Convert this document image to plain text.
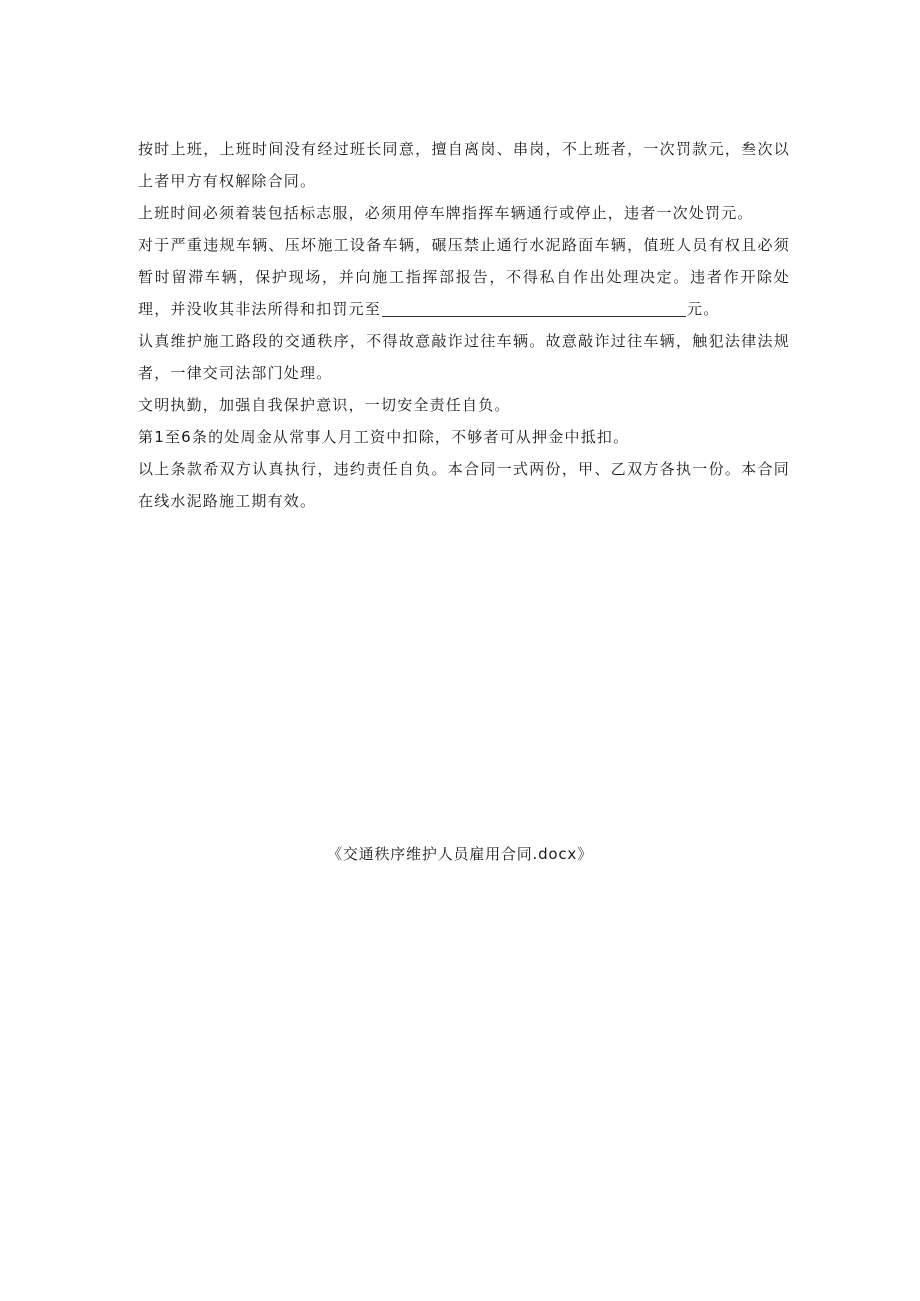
按时上班，上班时间没有经过班长同意，擅自离岗、串岗，不上班者，一次罚款元，叁次以上者甲方有权解除合同。

上班时间必须着装包括标志服，必须用停车牌指挥车辆通行或停止，违者一次处罚元。

对于严重违规车辆、压坏施工设备车辆，碾压禁止通行水泥路面车辆，值班人员有权且必须暂时留滞车辆，保护现场，并向施工指挥部报告，不得私自作出处理决定。违者作开除处理，并没收其非法所得和扣罚元至	元。

认真维护施工路段的交通秩序，不得故意敲诈过往车辆。故意敲诈过往车辆，触犯法律法规者，一律交司法部门处理。

文明执勤，加强自我保护意识，一切安全责任自负。

第1至6条的处周金从常事人月工资中扣除，不够者可从押金中抵扣。

以上条款希双方认真执行，违约责任自负。本合同一式两份，甲、乙双方各执一份。本合同在线水泥路施工期有效。

《交通秩序维护人员雇用合同.docx》
